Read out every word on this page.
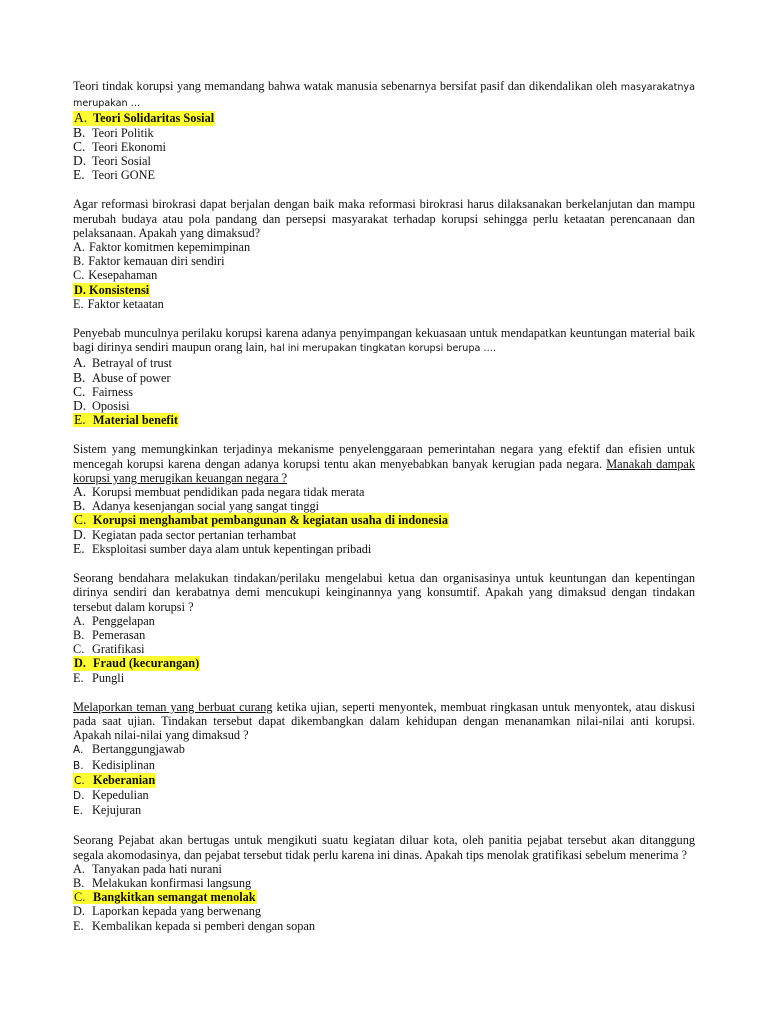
Teori tindak korupsi yang memandang bahwa watak manusia sebenarnya bersifat pasif dan dikendalikan oleh masyarakatnya merupakan …

A. Teori Solidaritas Sosial
B. Teori Politik
C. Teori Ekonomi
D. Teori Sosial
E. Teori GONE

Agar reformasi birokrasi dapat berjalan dengan baik maka reformasi birokrasi harus dilaksanakan berkelanjutan dan mampu merubah budaya atau pola pandang dan persepsi masyarakat terhadap korupsi sehingga perlu ketaatan perencanaan dan pelaksanaan. Apakah yang dimaksud?

A. Faktor komitmen kepemimpinan
B. Faktor kemauan diri sendiri
C. Kesepahaman
D. Konsistensi
E. Faktor ketaatan

Penyebab munculnya perilaku korupsi karena adanya penyimpangan kekuasaan untuk mendapatkan keuntungan material baik bagi dirinya sendiri maupun orang lain, hal ini merupakan tingkatan korupsi berupa ….

A. Betrayal of trust
B. Abuse of power
C. Fairness
D. Oposisi
E. Material benefit

Sistem yang memungkinkan terjadinya mekanisme penyelenggaraan pemerintahan negara yang efektif dan efisien untuk mencegah korupsi karena dengan adanya korupsi tentu akan menyebabkan banyak kerugian pada negara. Manakah dampak korupsi yang merugikan keuangan negara ?

A. Korupsi membuat pendidikan pada negara tidak merata
B. Adanya kesenjangan social yang sangat tinggi
C. Korupsi menghambat pembangunan & kegiatan usaha di indonesia
D. Kegiatan pada sector pertanian terhambat
E. Eksploitasi sumber daya alam untuk kepentingan pribadi

Seorang bendahara melakukan tindakan/perilaku mengelabui ketua dan organisasinya untuk keuntungan dan kepentingan dirinya sendiri dan kerabatnya demi mencukupi keinginannya yang konsumtif. Apakah yang dimaksud dengan tindakan tersebut dalam korupsi ?

A. Penggelapan
B. Pemerasan
C. Gratifikasi
D. Fraud (kecurangan)
E. Pungli

Melaporkan teman yang berbuat curang ketika ujian, seperti menyontek, membuat ringkasan untuk menyontek, atau diskusi pada saat ujian. Tindakan tersebut dapat dikembangkan dalam kehidupan dengan menanamkan nilai-nilai anti korupsi. Apakah nilai-nilai yang dimaksud ?

A. Bertanggungjawab
B. Kedisiplinan
C. Keberanian
D. Kepedulian
E. Kejujuran

Seorang Pejabat akan bertugas untuk mengikuti suatu kegiatan diluar kota, oleh panitia pejabat tersebut akan ditanggung segala akomodasinya, dan pejabat tersebut tidak perlu karena ini dinas. Apakah tips menolak gratifikasi sebelum menerima ?

A. Tanyakan pada hati nurani
B. Melakukan konfirmasi langsung
C. Bangkitkan semangat menolak
D. Laporkan kepada yang berwenang
E. Kembalikan kepada si pemberi dengan sopan
